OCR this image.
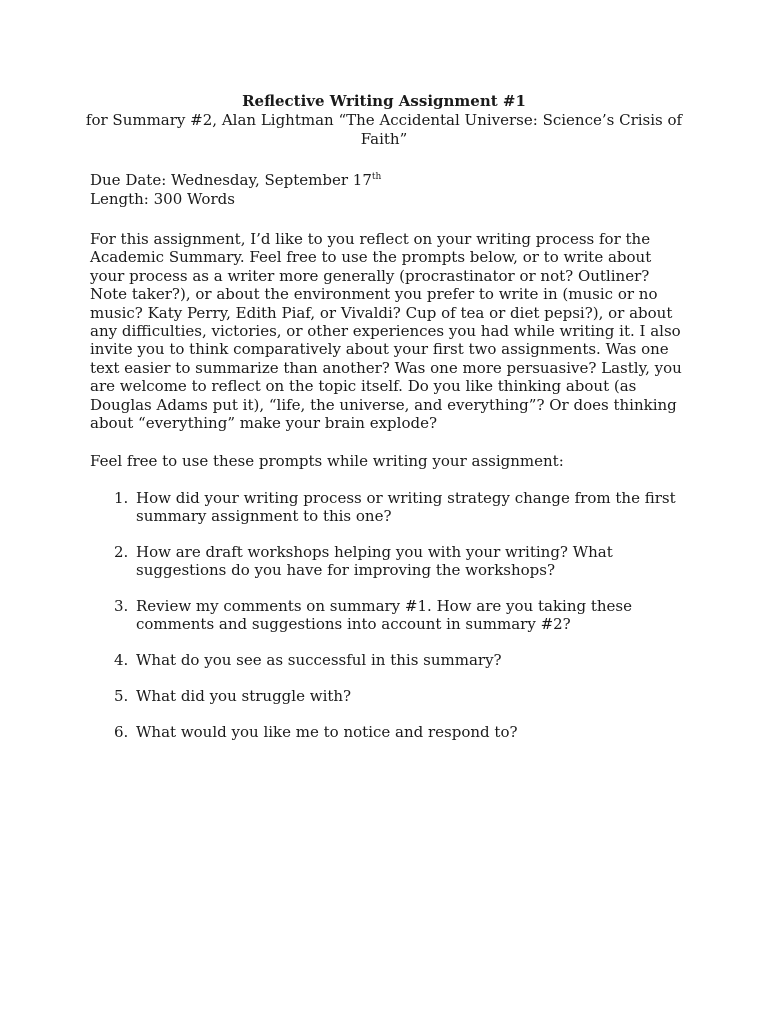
Reflective Writing Assignment #1
for Summary #2, Alan Lightman “The Accidental Universe: Science’s Crisis of Faith”
Due Date: Wednesday, September 17th
Length: 300 Words
For this assignment, I’d like to you reflect on your writing process for the Academic Summary. Feel free to use the prompts below, or to write about your process as a writer more generally (procrastinator or not? Outliner? Note taker?), or about the environment you prefer to write in (music or no music? Katy Perry, Edith Piaf, or Vivaldi? Cup of tea or diet pepsi?), or about any difficulties, victories, or other experiences you had while writing it. I also invite you to think comparatively about your first two assignments. Was one text easier to summarize than another? Was one more persuasive? Lastly, you are welcome to reflect on the topic itself. Do you like thinking about (as Douglas Adams put it), “life, the universe, and everything”? Or does thinking about “everything” make your brain explode?
Feel free to use these prompts while writing your assignment:
1. How did your writing process or writing strategy change from the first summary assignment to this one?
2. How are draft workshops helping you with your writing? What suggestions do you have for improving the workshops?
3. Review my comments on summary #1. How are you taking these comments and suggestions into account in summary #2?
4. What do you see as successful in this summary?
5. What did you struggle with?
6. What would you like me to notice and respond to?
